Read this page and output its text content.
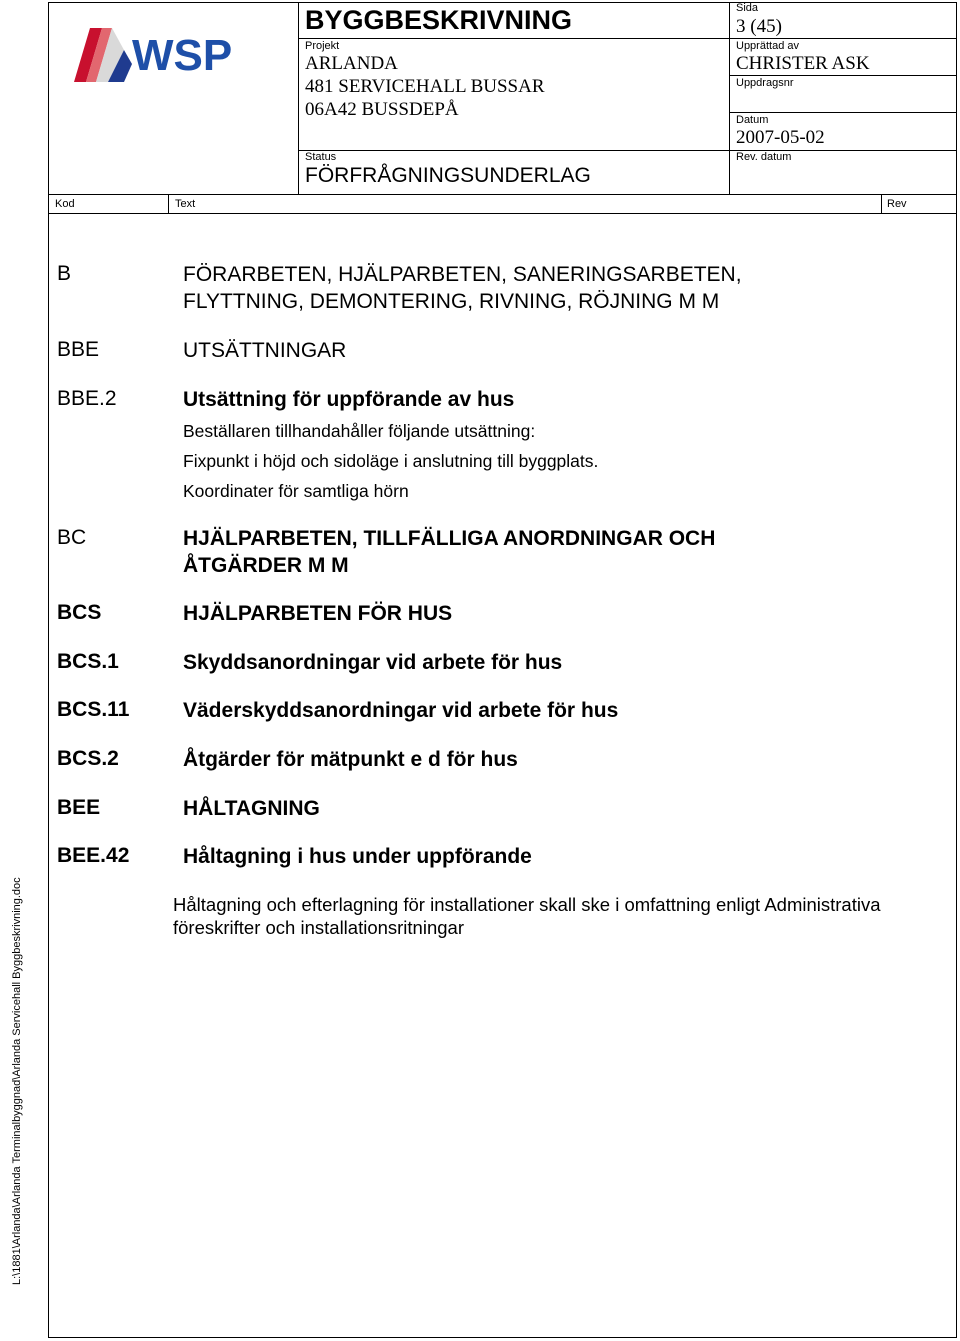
WSP
BYGGBESKRIVNING
Projekt
ARLANDA
481 SERVICEHALL BUSSAR
06A42 BUSSDEPÅ
Status
FÖRFRÅGNINGSUNDERLAG
Sida
3 (45)
Upprättad av
CHRISTER ASK
Uppdragsnr
Datum
2007-05-02
Rev. datum
Kod	Text	Rev
B	FÖRARBETEN, HJÄLPARBETEN, SANERINGSARBETEN,
FLYTTNING, DEMONTERING, RIVNING, RÖJNING M M
BBE	UTSÄTTNINGAR
BBE.2	Utsättning för uppförande av hus
Beställaren tillhandahåller följande utsättning:
Fixpunkt i höjd och sidoläge i anslutning till byggplats.
Koordinater för samtliga hörn
BC	HJÄLPARBETEN, TILLFÄLLIGA ANORDNINGAR OCH
ÅTGÄRDER M M
BCS	HJÄLPARBETEN FÖR HUS
BCS.1	Skyddsanordningar vid arbete för hus
BCS.11	Väderskyddsanordningar vid arbete för hus
BCS.2	Åtgärder för mätpunkt e d för hus
BEE	HÅLTAGNING
BEE.42	Håltagning i hus under uppförande
Håltagning och efterlagning för installationer skall ske i omfattning enligt Administrativa
föreskrifter och installationsritningar
L:\1881\Arlanda\Arlanda Terminalbyggnad\Arlanda Servicehall Byggbeskrivning.doc
